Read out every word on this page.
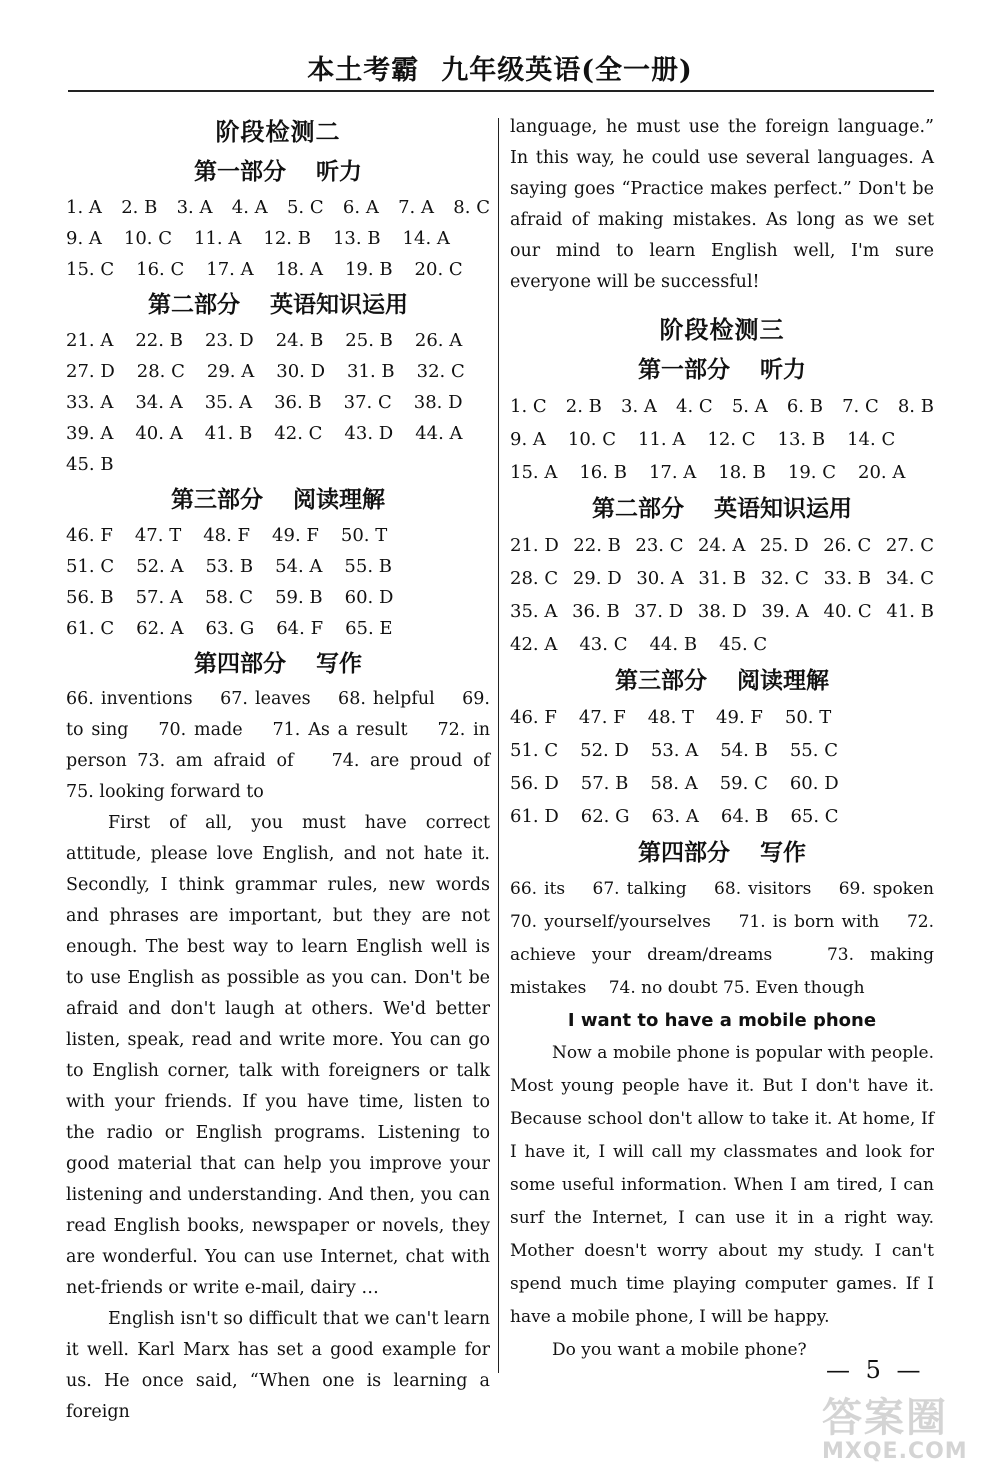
本土考霸 九年级英语(全一册)
阶段检测二
第一部分 听力
1. A 2. B 3. A 4. A 5. C 6. A 7. A 8. C
9. A 10. C 11. A 12. B 13. B 14. A
15. C 16. C 17. A 18. A 19. B 20. C
第二部分 英语知识运用
21. A 22. B 23. D 24. B 25. B 26. A
27. D 28. C 29. A 30. D 31. B 32. C
33. A 34. A 35. A 36. B 37. C 38. D
39. A 40. A 41. B 42. C 43. D 44. A
45. B
第三部分 阅读理解
46. F 47. T 48. F 49. F 50. T
51. C 52. A 53. B 54. A 55. B
56. B 57. A 58. C 59. B 60. D
61. C 62. A 63. G 64. F 65. E
第四部分 写作

66. inventions　 67. leaves　 68. helpful　 69. to sing　 70. made　 71. As a result　 72. in person 73. am afraid of　 74. are proud of　 75. looking forward to

First of all, you must have correct attitude, please love English, and not hate it. Secondly, I think grammar rules, new words and phrases are important, but they are not enough. The best way to learn English well is to use English as possible as you can. Don't be afraid and don't laugh at others. We'd better listen, speak, read and write more. You can go to English corner, talk with foreigners or talk with your friends. If you have time, listen to the radio or English programs. Listening to good material that can help you improve your listening and understanding. And then, you can read English books, newspaper or novels, they are wonderful. You can use Internet, chat with net-friends or write e-mail, dairy …

English isn't so difficult that we can't learn it well. Karl Marx has set a good example for us. He once said, “When one is learning a foreign

language, he must use the foreign language.” In this way, he could use several languages. A saying goes “Practice makes perfect.” Don't be afraid of making mistakes. As long as we set our mind to learn English well, I'm sure everyone will be successful!

阶段检测三
第一部分 听力
1. C 2. B 3. A 4. C 5. A 6. B 7. C 8. B
9. A 10. C 11. A 12. C 13. B 14. C
15. A 16. B 17. A 18. B 19. C 20. A
第二部分 英语知识运用
21. D 22. B 23. C 24. A 25. D 26. C 27. C
28. C 29. D 30. A 31. B 32. C 33. B 34. C
35. A 36. B 37. D 38. D 39. A 40. C 41. B
42. A 43. C 44. B 45. C
第三部分 阅读理解
46. F 47. F 48. T 49. F 50. T
51. C 52. D 53. A 54. B 55. C
56. D 57. B 58. A 59. C 60. D
61. D 62. G 63. A 64. B 65. C
第四部分 写作

66. its　 67. talking　 68. visitors　 69. spoken　 70. yourself/yourselves　 71. is born with　 72. achieve your dream/dreams　 73. making mistakes　 74. no doubt 75. Even though

I want to have a mobile phone

Now a mobile phone is popular with people. Most young people have it. But I don't have it. Because school don't allow to take it. At home, If I have it, I will call my classmates and look for some useful information. When I am tired, I can surf the Internet, I can use it in a right way. Mother doesn't worry about my study. I can't spend much time playing computer games. If I have a mobile phone, I will be happy.

Do you want a mobile phone?

— 5 —
答案圈
MXQE.COM
